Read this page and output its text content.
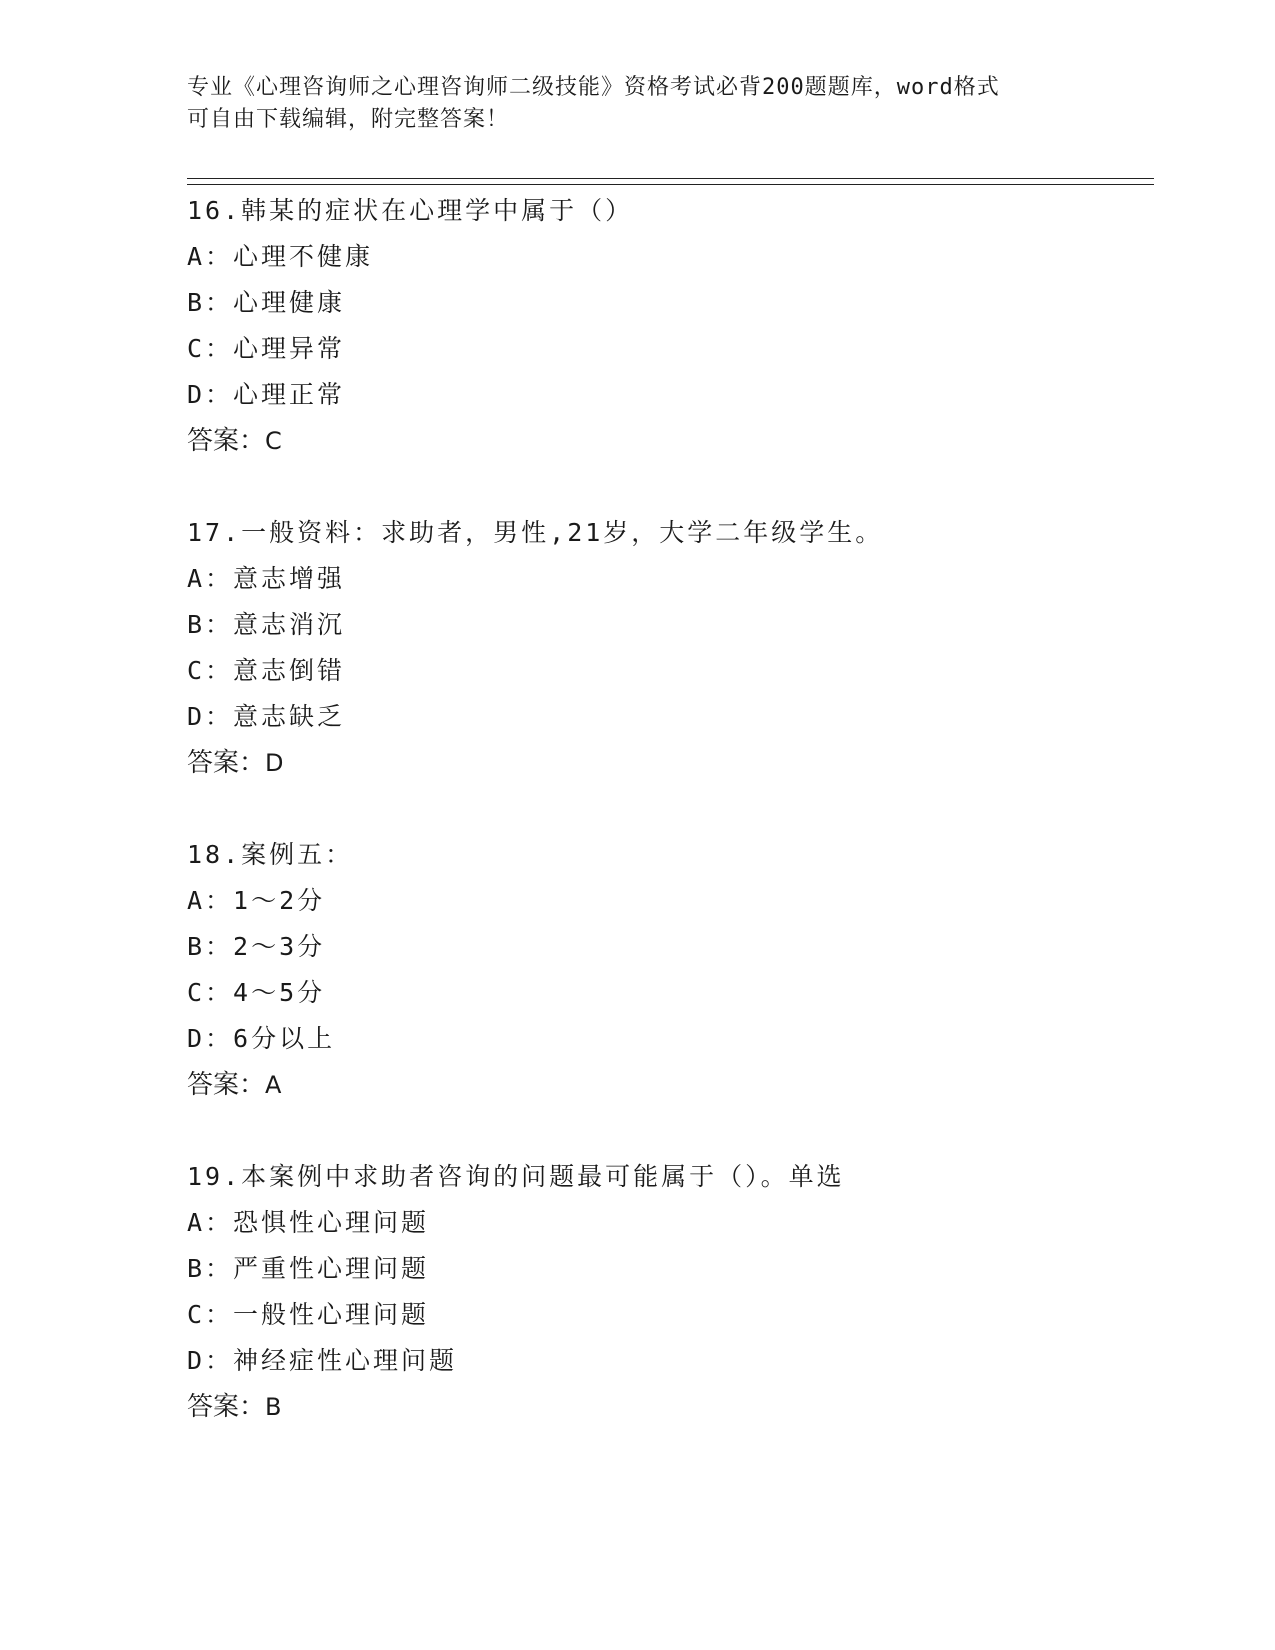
专业《心理咨询师之心理咨询师二级技能》资格考试必背200题题库，word格式
可自由下载编辑，附完整答案！
16.韩某的症状在心理学中属于（）
A：心理不健康
B：心理健康
C：心理异常
D：心理正常
答案：C
17.一般资料：求助者，男性,21岁，大学二年级学生。
A：意志增强
B：意志消沉
C：意志倒错
D：意志缺乏
答案：D
18.案例五：
A：1～2分
B：2～3分
C：4～5分
D：6分以上
答案：A
19.本案例中求助者咨询的问题最可能属于（）。单选
A：恐惧性心理问题
B：严重性心理问题
C：一般性心理问题
D：神经症性心理问题
答案：B
